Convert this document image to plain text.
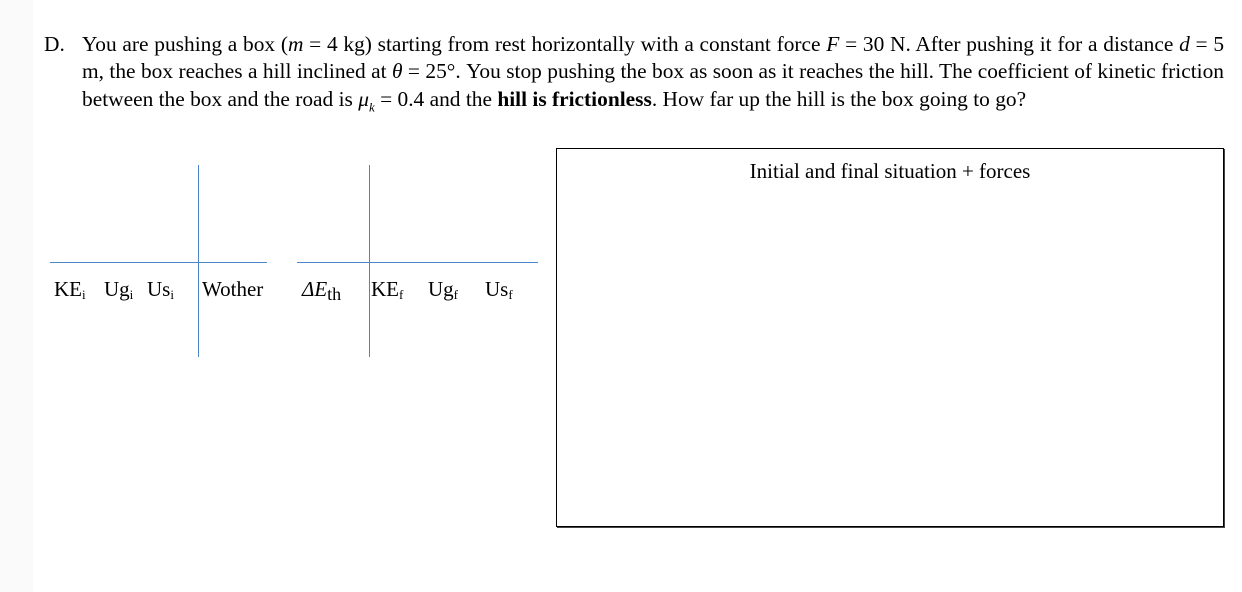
D. You are pushing a box (m = 4 kg) starting from rest horizontally with a constant force F = 30 N. After pushing it for a distance d = 5 m, the box reaches a hill inclined at θ = 25°. You stop pushing the box as soon as it reaches the hill. The coefficient of kinetic friction between the box and the road is $\mu_k = 0.4$ and the hill is frictionless. How far up the hill is the box going to go?
$KE_i$ $Ug_i$ $Us_i$ Wother $\Delta E_{th}$ $KE_f$ $Ug_f$ $Us_f$
Initial and final situation + forces
